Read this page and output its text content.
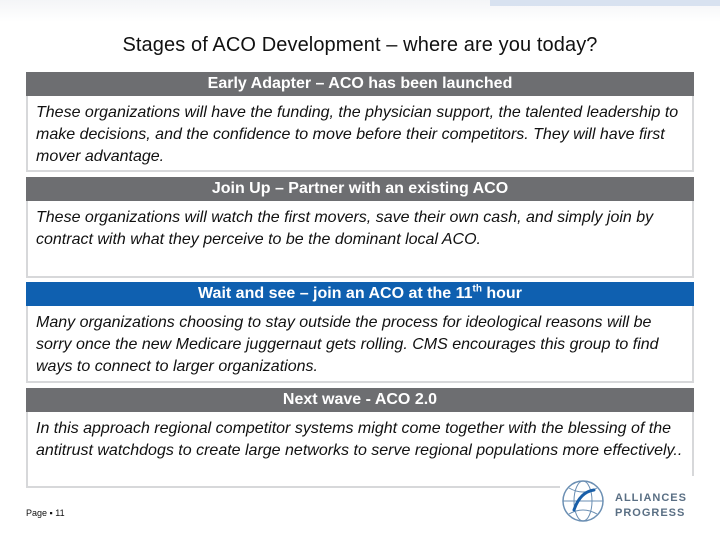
Stages of ACO Development – where are you today?
Early Adapter – ACO has been launched
These organizations will have the funding, the physician support, the talented leadership to make decisions, and the confidence to move before their competitors. They will have first mover advantage.
Join Up – Partner with an existing ACO
These organizations will watch the first movers, save their own cash, and simply join by contract with what they perceive to be the dominant local ACO.
Wait and see – join an ACO at the 11th hour
Many organizations choosing to stay outside the process for ideological reasons will be sorry once the new Medicare juggernaut gets rolling. CMS encourages this group to find ways to connect to larger organizations.
Next wave - ACO 2.0
In this approach regional competitor systems might come together with the blessing of the antitrust watchdogs to create large networks to serve regional populations more effectively..
Page ▪ 11
ALLIANCES
PROGRESS
